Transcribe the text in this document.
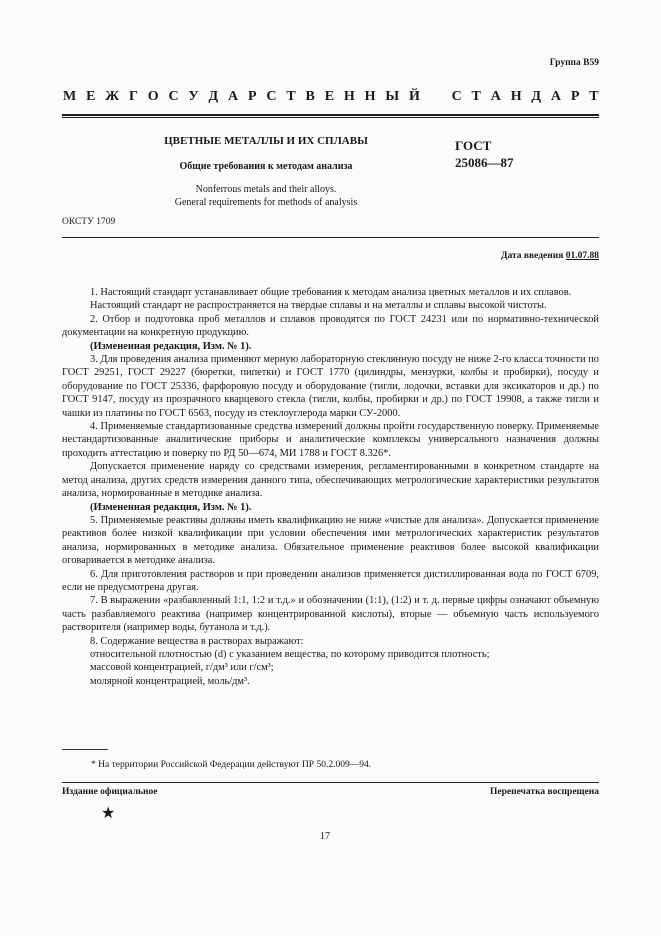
Группа В59
М Е Ж Г О С У Д А Р С Т В Е Н Н Ы Й С Т А Н Д А Р Т
ЦВЕТНЫЕ МЕТАЛЛЫ И ИХ СПЛАВЫ
Общие требования к методам анализа
Nonferrous metals and their alloys.
General requirements for methods of analysis
ГОСТ
25086—87
ОКСТУ 1709
Дата введения 01.07.88

1. Настоящий стандарт устанавливает общие требования к методам анализа цветных металлов и их сплавов.

Настоящий стандарт не распространяется на твердые сплавы и на металлы и сплавы высокой чистоты.

2. Отбор и подготовка проб металлов и сплавов проводятся по ГОСТ 24231 или по нормативно-технической документации на конкретную продукцию.

(Измененная редакция, Изм. № 1).

3. Для проведения анализа применяют мерную лабораторную стеклянную посуду не ниже 2-го класса точности по ГОСТ 29251, ГОСТ 29227 (бюретки, пипетки) и ГОСТ 1770 (цилиндры, мензурки, колбы и пробирки), посуду и оборудование по ГОСТ 25336, фарфоровую посуду и оборудование (тигли, лодочки, вставки для эксикаторов и др.) по ГОСТ 9147, посуду из прозрачного кварцевого стекла (тигли, колбы, пробирки и др.) по ГОСТ 19908, а также тигли и чашки из платины по ГОСТ 6563, посуду из стеклоуглерода марки СУ-2000.

4. Применяемые стандартизованные средства измерений должны пройти государственную поверку. Применяемые нестандартизованные аналитические приборы и аналитические комплексы универсального назначения должны проходить аттестацию и поверку по РД 50—674, МИ 1788 и ГОСТ 8.326*.

Допускается применение наряду со средствами измерения, регламентированными в конкретном стандарте на метод анализа, других средств измерения данного типа, обеспечивающих метрологические характеристики результатов анализа, нормированные в методике анализа.

(Измененная редакция, Изм. № 1).

5. Применяемые реактивы должны иметь квалификацию не ниже «чистые для анализа». Допускается применение реактивов более низкой квалификации при условии обеспечения ими метрологических характеристик результатов анализа, нормированных в методике анализа. Обязательное применение реактивов более высокой квалификации оговаривается в методике анализа.

6. Для приготовления растворов и при проведении анализов применяется дистиллированная вода по ГОСТ 6709, если не предусмотрена другая.

7. В выражении «разбавленный 1:1, 1:2 и т.д.» и обозначении (1:1), (1:2) и т. д. первые цифры означают объемную часть разбавляемого реактива (например концентрированной кислоты), вторые — объемную часть используемого растворителя (например воды, бутанола и т.д.).

8. Содержание вещества в растворах выражают:

относительной плотностью (d) с указанием вещества, по которому приводится плотность;

массовой концентрацией, г/дм³ или г/см³;

молярной концентрацией, моль/дм³.

* На территории Российской Федерации действуют ПР 50.2.009—94.
Издание официальное	Перепечатка воспрещена
★
17
